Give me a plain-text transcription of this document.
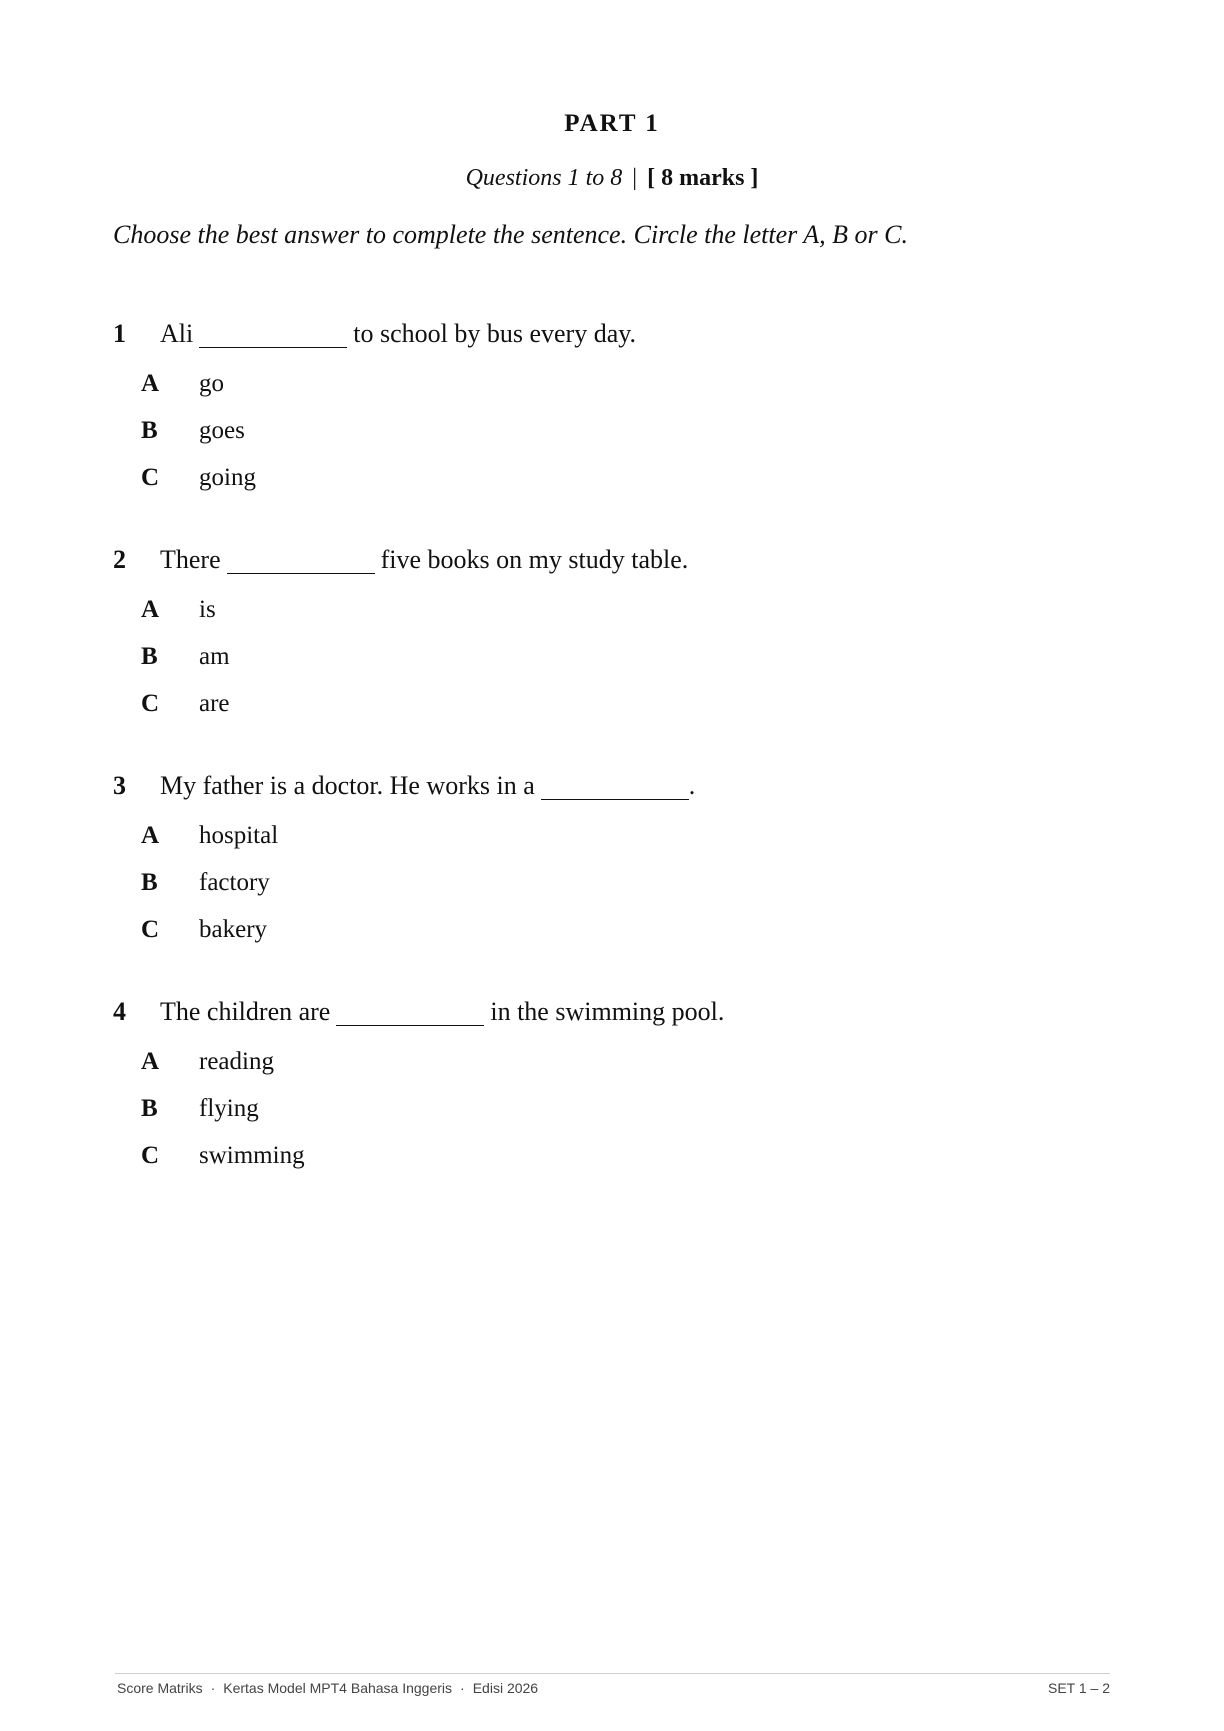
PART 1
Questions 1 to 8 | [ 8 marks ]
Choose the best answer to complete the sentence. Circle the letter A, B or C.
1	Ali	to school by bus every day.
A	go
B	goes
C	going
2	There	five books on my study table.
A	is
B	am
C	are
3	My father is a doctor. He works in a	.
A	hospital
B	factory
C	bakery
4	The children are	in the swimming pool.
A	reading
B	flying
C	swimming
Score Matriks · Kertas Model MPT4 Bahasa Inggeris · Edisi 2026	SET 1 – 2
